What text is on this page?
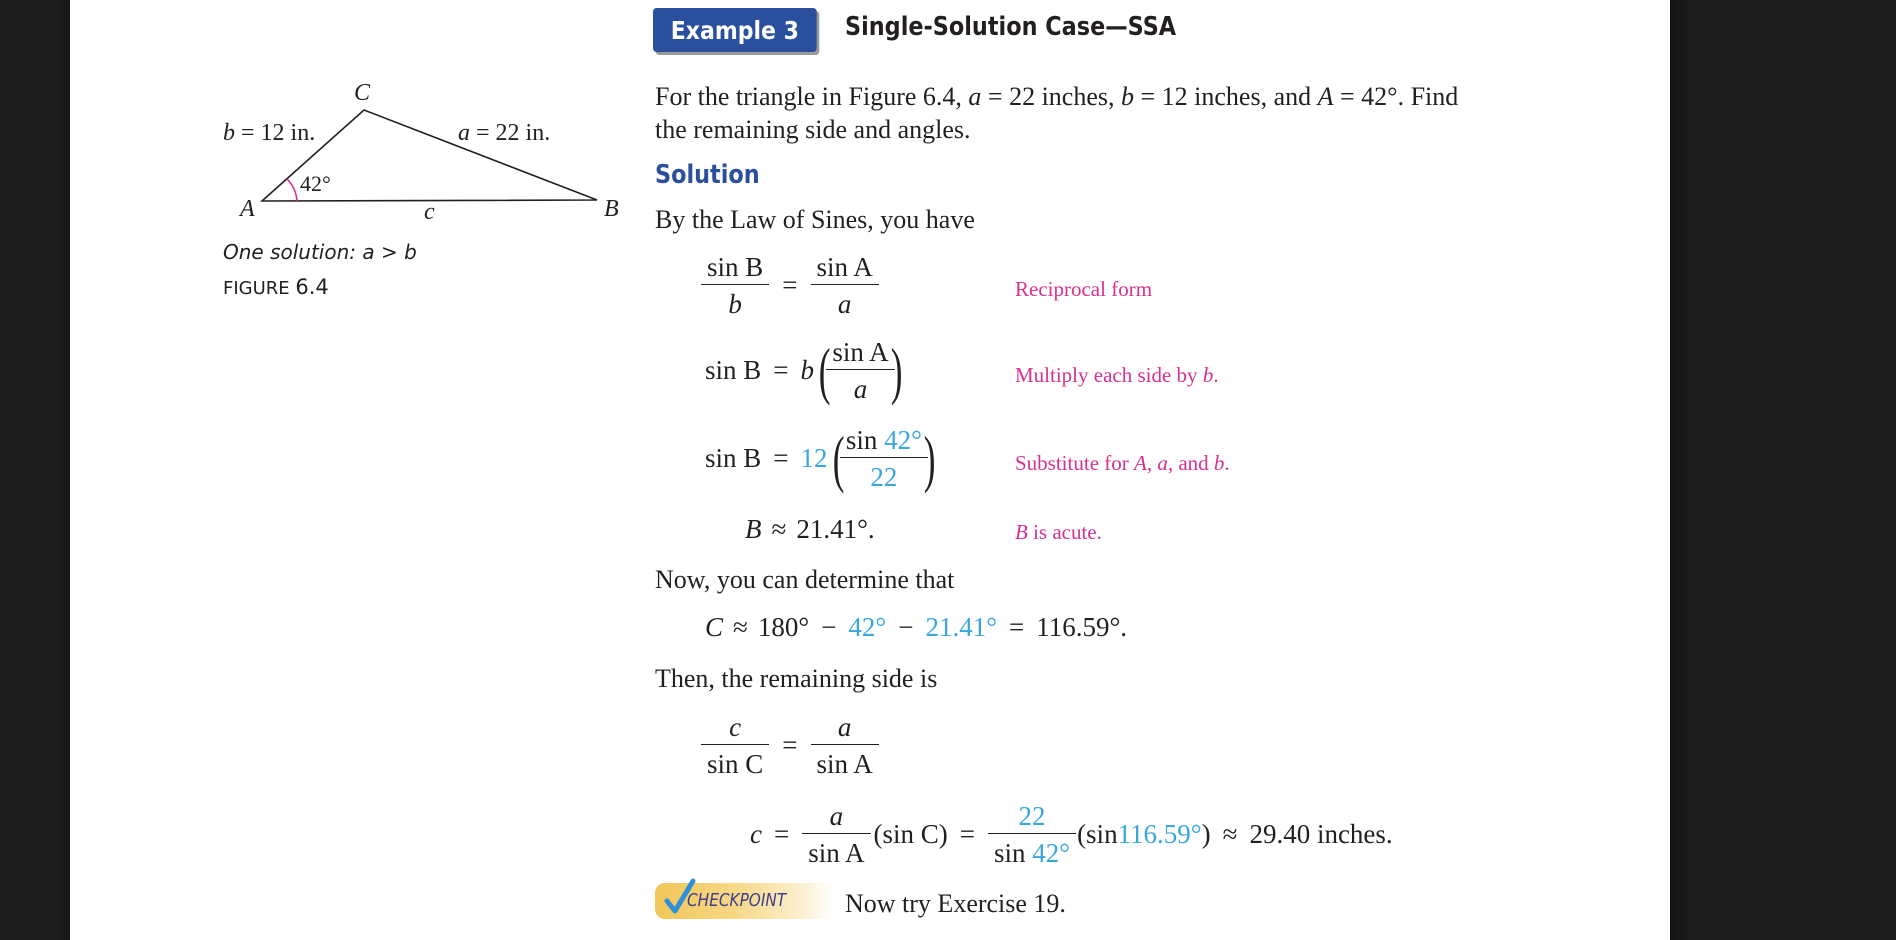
Example 3 Single-Solution Case—SSA
C
A	B
b = 12 in.	a = 22 in.
c
42°
One solution: a > b
FIGURE 6.4
For the triangle in Figure 6.4, a = 22 inches, b = 12 inches, and A = 42°. Find
the remaining side and angles.
Solution
By the Law of Sines, you have
$\frac{\text{sin B}}{b} = \frac{\text{sin A}}{a}$	Reciprocal form
sin B = b (
$\frac{\text{sin A}}{a}$
)	Multiply each side by b.
sin B = 12 (
$\frac{\sin 42^\circ}{22}$
)	Substitute for A, a, and b.
B ≈ 21.41°.	B is acute.
Now, you can determine that
C ≈ 180° − 42° − 21.41° = 116.59°.
Then, the remaining side is
$\frac{c}{\text{sin C}} = \frac{a}{\text{sin A}}$
$c = \frac{a}{\text{sin A}} (\sin$ $C) = \frac{22}{\sin 42^\circ} (\sin$ 116.59° ) ≈ 29.40 inches.
CHECKPOINT Now try Exercise 19.
